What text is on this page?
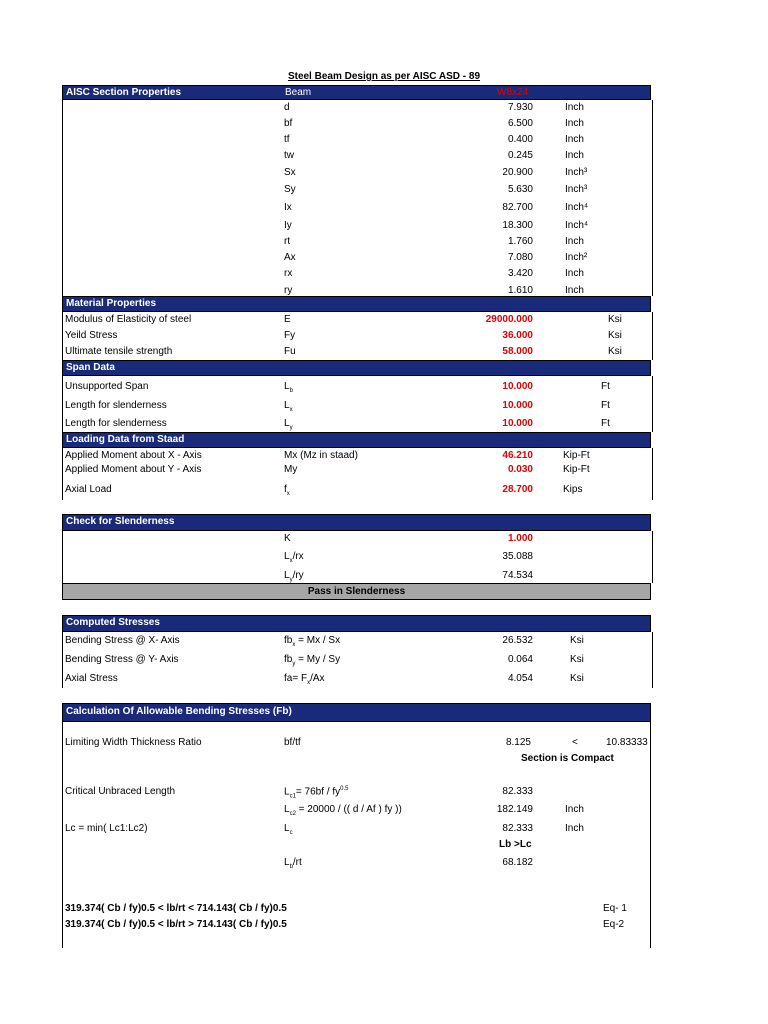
Steel Beam Design as per AISC ASD - 89
AISC Section Properties	Beam	W8x24
d	7.930	Inch
bf	6.500	Inch
tf	0.400	Inch
tw	0.245	Inch
Sx	20.900	Inch³
Sy	5.630	Inch³
Ix	82.700	Inch⁴
Iy	18.300	Inch⁴
rt	1.760	Inch
Ax	7.080	Inch²
rx	3.420	Inch
ry	1.610	Inch
Material Properties
Modulus of Elasticity of steel	E	29000.000	Ksi
Yeild Stress	Fy	36.000	Ksi
Ultimate tensile strength	Fu	58.000	Ksi
Span Data
Unsupported Span	$L_b$	10.000	Ft
Length for slenderness	$L_x$	10.000	Ft
Length for slenderness	$L_y$	10.000	Ft
Loading Data from Staad
Applied Moment about X - Axis	Mx (Mz in staad)	46.210	Kip-Ft
Applied Moment about Y - Axis	My	0.030	Kip-Ft
Axial Load	$f_x$	28.700	Kips
Check for Slenderness
K	1.000
$L_x/rx$	35.088
$L_y/ry$	74.534
Pass in Slenderness
Computed Stresses
Bending Stress @ X- Axis	$fb_x = Mx / Sx$	26.532	Ksi
Bending Stress @ Y- Axis	$fb_y = My / Sy$	0.064	Ksi
Axial Stress	$fa= F_x/Ax$	4.054	Ksi
Calculation Of Allowable Bending Stresses (Fb)
Limiting Width Thickness Ratio	bf/tf	8.125	<	10.83333
Section is Compact
Critical Unbraced Length	$L_{c1}= 76bf / fy^{0.5}$	82.333
$L_{c2} = 20000$ / (( d / Af ) fy ))	182.149	Inch
Lc = min( Lc1:Lc2)	$L_c$	82.333	Inch
Lb >Lc
$L_b/rt$	68.182
319.374( Cb / fy)0.5 < lb/rt < 714.143( Cb / fy)0.5	Eq- 1
319.374( Cb / fy)0.5 < lb/rt > 714.143( Cb / fy)0.5	Eq-2
